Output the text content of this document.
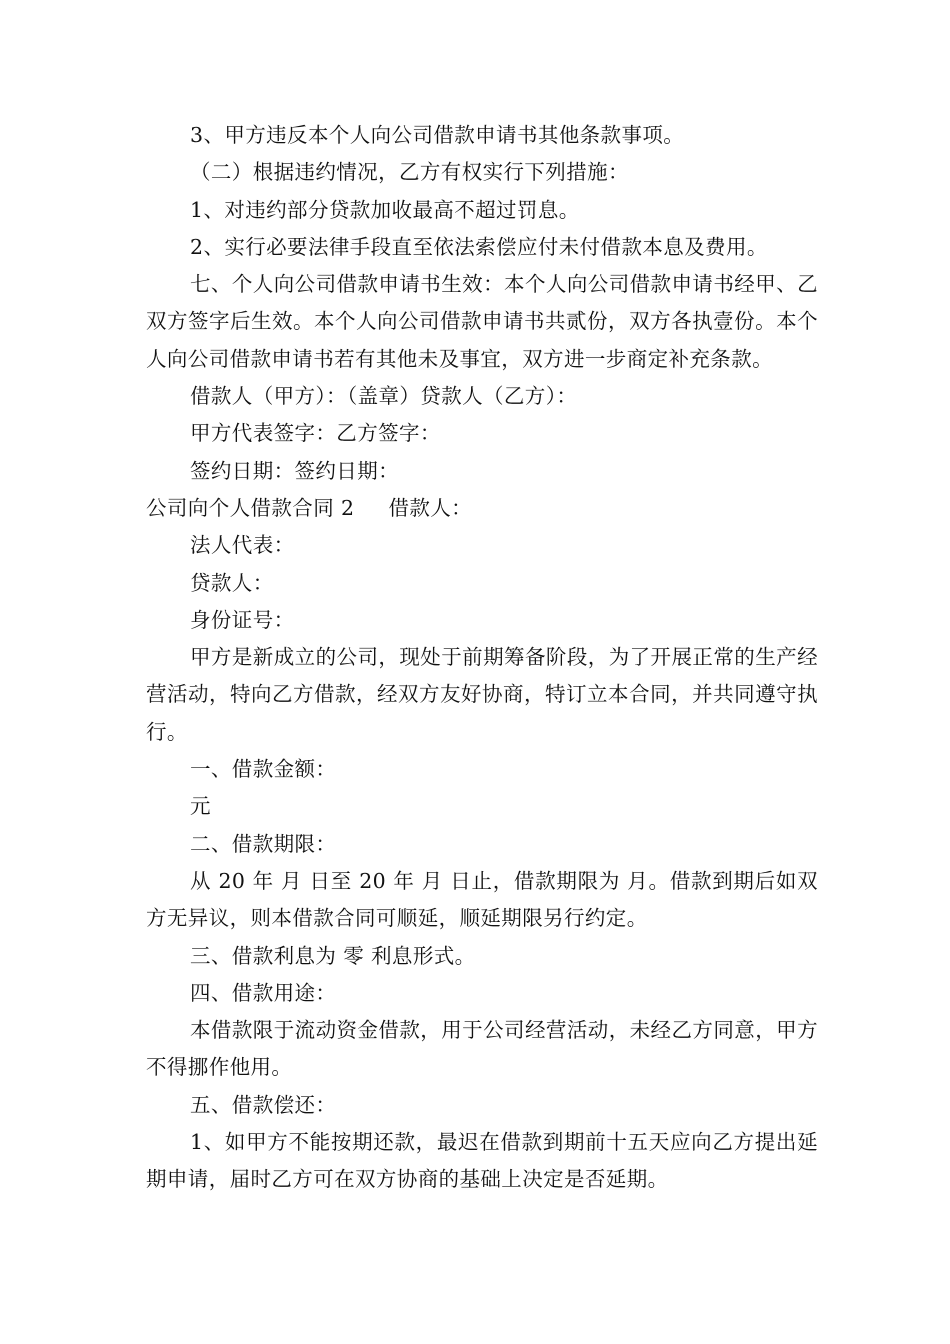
3、甲方违反本个人向公司借款申请书其他条款事项。

（二）根据违约情况，乙方有权实行下列措施：

1、对违约部分贷款加收最高不超过罚息。

2、实行必要法律手段直至依法索偿应付未付借款本息及费用。

七、个人向公司借款申请书生效：本个人向公司借款申请书经甲、乙双方签字后生效。本个人向公司借款申请书共贰份，双方各执壹份。本个人向公司借款申请书若有其他未及事宜，双方进一步商定补充条款。

借款人（甲方）：（盖章）贷款人（乙方）：

甲方代表签字：乙方签字：

签约日期：签约日期：

公司向个人借款合同 2 借款人：

法人代表：

贷款人：

身份证号：

甲方是新成立的公司，现处于前期筹备阶段，为了开展正常的生产经营活动，特向乙方借款，经双方友好协商，特订立本合同，并共同遵守执行。

一、借款金额：

元

二、借款期限：

从 20 年 月 日至 20 年 月 日止，借款期限为 月。借款到期后如双方无异议，则本借款合同可顺延，顺延期限另行约定。

三、借款利息为 零 利息形式。

四、借款用途：

本借款限于流动资金借款，用于公司经营活动，未经乙方同意，甲方不得挪作他用。

五、借款偿还：

1、如甲方不能按期还款，最迟在借款到期前十五天应向乙方提出延期申请，届时乙方可在双方协商的基础上决定是否延期。
